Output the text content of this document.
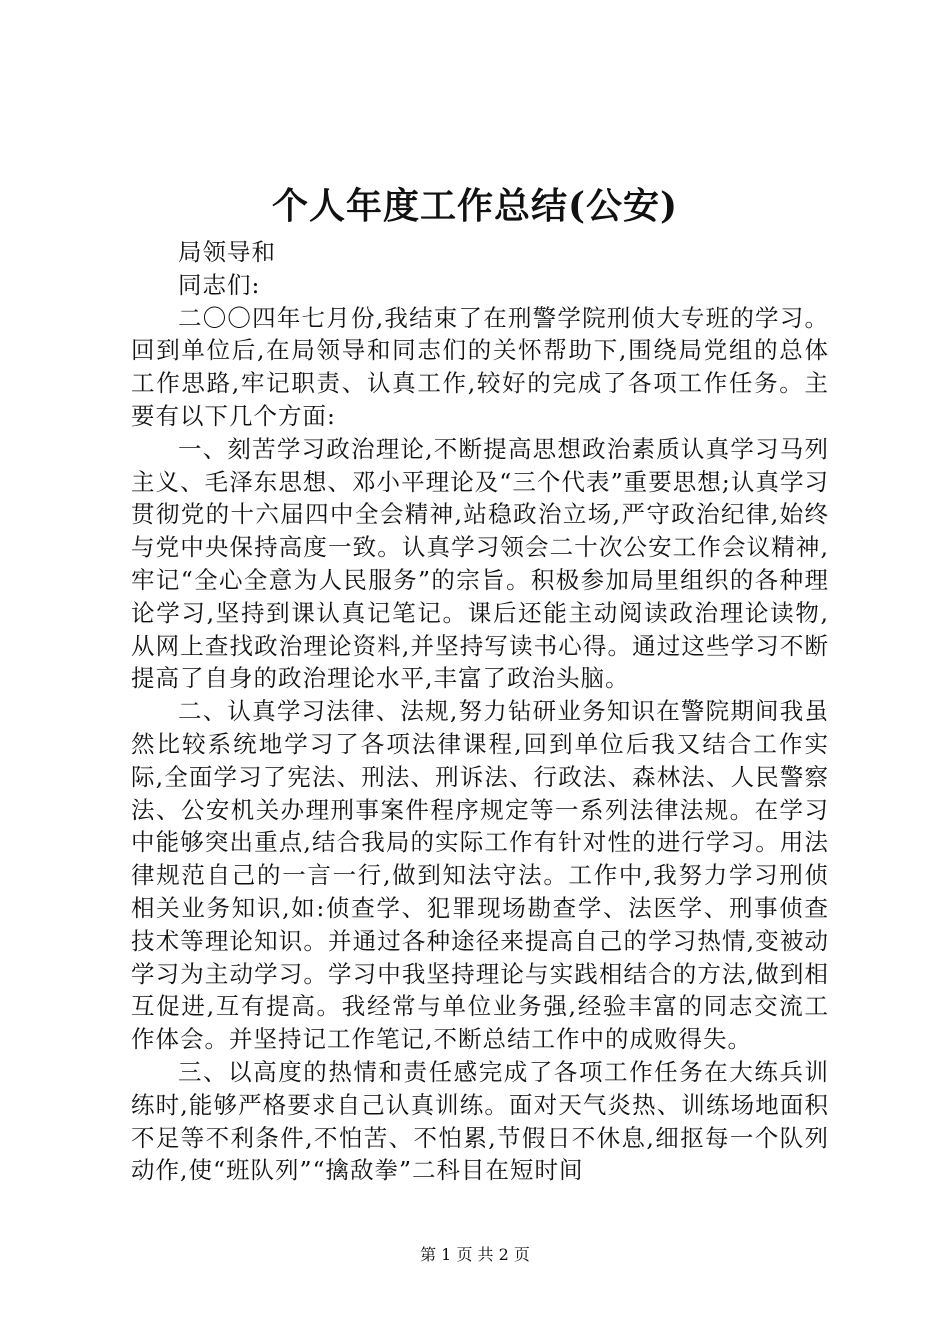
个人年度工作总结(公安)

局领导和

同志们:

二〇〇四年七月份,我结束了在刑警学院刑侦大专班的学习。回到单位后,在局领导和同志们的关怀帮助下,围绕局党组的总体工作思路,牢记职责、认真工作,较好的完成了各项工作任务。主要有以下几个方面:

一、刻苦学习政治理论,不断提高思想政治素质认真学习马列主义、毛泽东思想、邓小平理论及“三个代表”重要思想;认真学习贯彻党的十六届四中全会精神,站稳政治立场,严守政治纪律,始终与党中央保持高度一致。认真学习领会二十次公安工作会议精神,牢记“全心全意为人民服务”的宗旨。积极参加局里组织的各种理论学习,坚持到课认真记笔记。课后还能主动阅读政治理论读物,从网上查找政治理论资料,并坚持写读书心得。通过这些学习不断提高了自身的政治理论水平,丰富了政治头脑。

二、认真学习法律、法规,努力钻研业务知识在警院期间我虽然比较系统地学习了各项法律课程,回到单位后我又结合工作实际,全面学习了宪法、刑法、刑诉法、行政法、森林法、人民警察法、公安机关办理刑事案件程序规定等一系列法律法规。在学习中能够突出重点,结合我局的实际工作有针对性的进行学习。用法律规范自己的一言一行,做到知法守法。工作中,我努力学习刑侦相关业务知识,如:侦查学、犯罪现场勘查学、法医学、刑事侦查技术等理论知识。并通过各种途径来提高自己的学习热情,变被动学习为主动学习。学习中我坚持理论与实践相结合的方法,做到相互促进,互有提高。我经常与单位业务强,经验丰富的同志交流工作体会。并坚持记工作笔记,不断总结工作中的成败得失。

三、以高度的热情和责任感完成了各项工作任务在大练兵训练时,能够严格要求自己认真训练。面对天气炎热、训练场地面积不足等不利条件,不怕苦、不怕累,节假日不休息,细抠每一个队列动作,使“班队列”“擒敌拳”二科目在短时间

第 1 页 共 2 页
